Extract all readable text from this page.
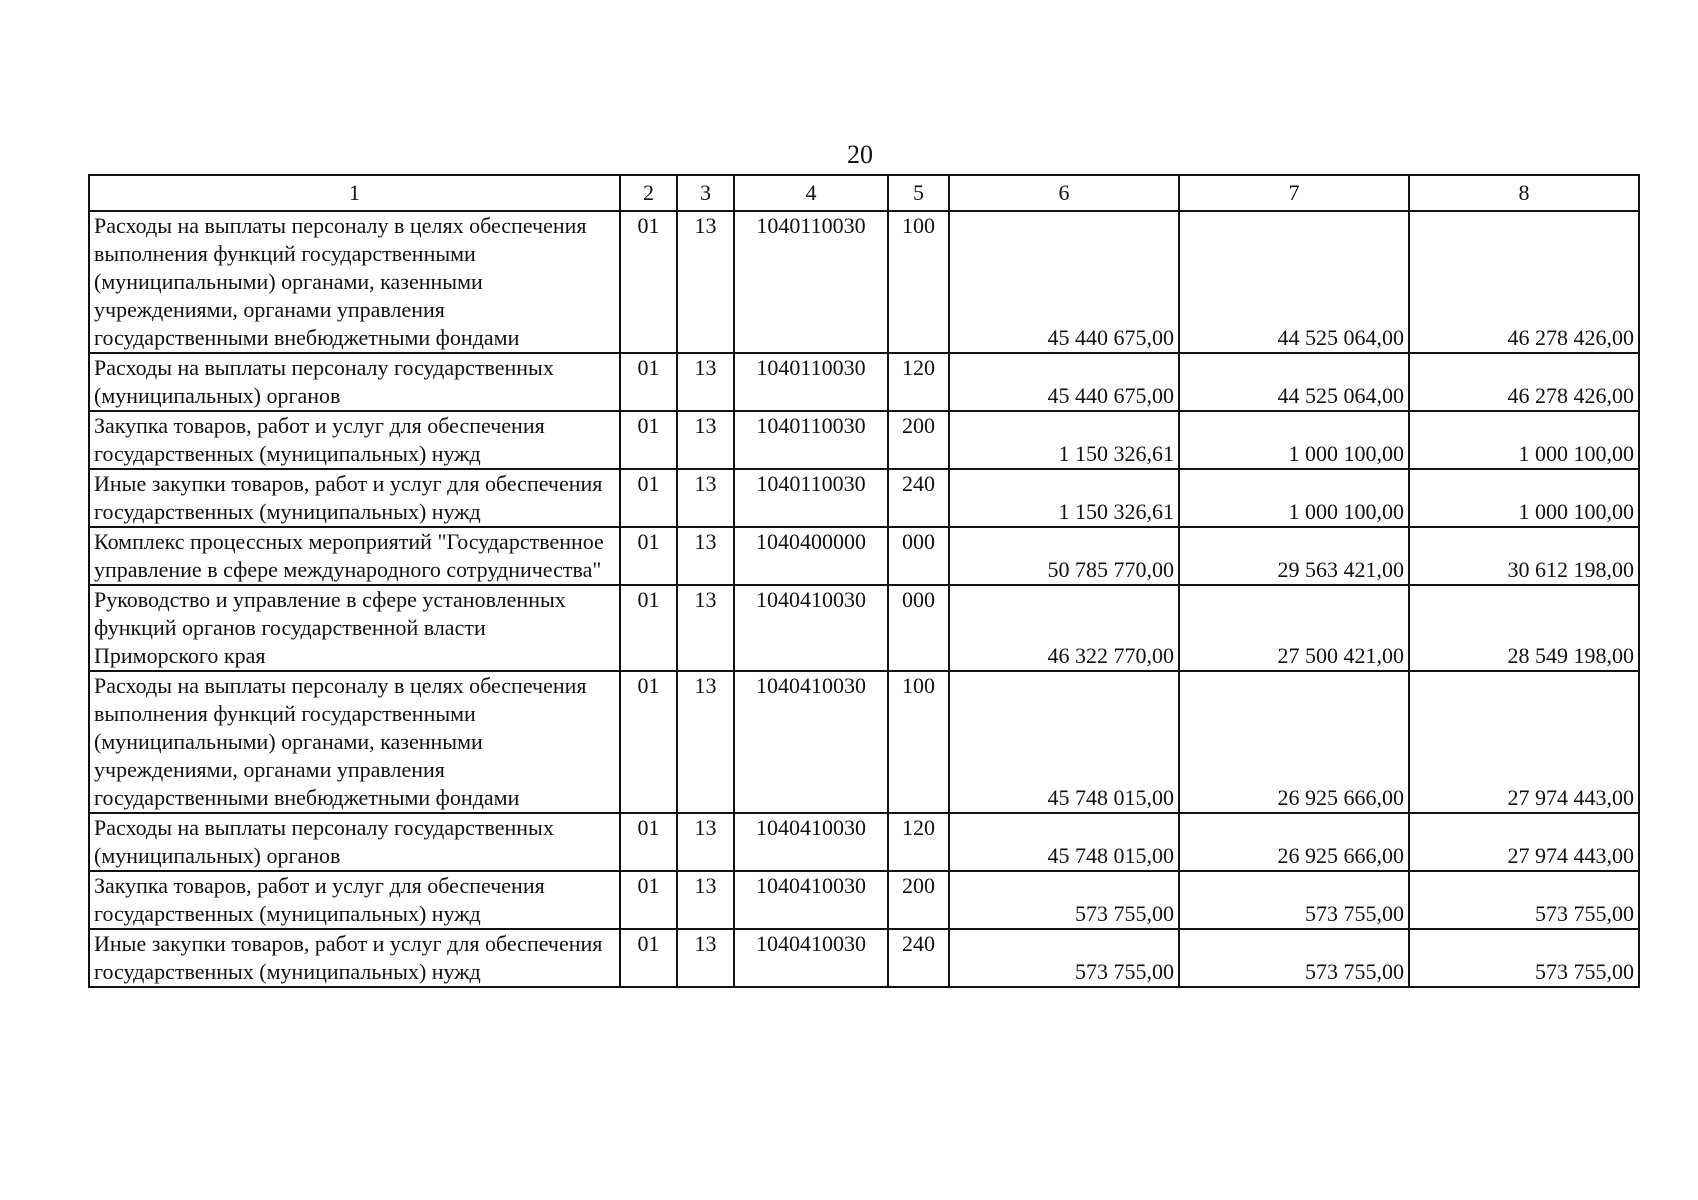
20
1	2	3	4	5	6	7	8
Расходы на выплаты персоналу в целях обеспечения выполнения функций государственными (муниципальными) органами, казенными учреждениями, органами управления государственными внебюджетными фондами	01	13	1040110030	100	45 440 675,00	44 525 064,00	46 278 426,00
Расходы на выплаты персоналу государственных (муниципальных) органов	01	13	1040110030	120	45 440 675,00	44 525 064,00	46 278 426,00
Закупка товаров, работ и услуг для обеспечения государственных (муниципальных) нужд	01	13	1040110030	200	1 150 326,61	1 000 100,00	1 000 100,00
Иные закупки товаров, работ и услуг для обеспечения государственных (муниципальных) нужд	01	13	1040110030	240	1 150 326,61	1 000 100,00	1 000 100,00
Комплекс процессных мероприятий "Государственное управление в сфере международного сотрудничества"	01	13	1040400000	000	50 785 770,00	29 563 421,00	30 612 198,00
Руководство и управление в сфере установленных функций органов государственной власти Приморского края	01	13	1040410030	000	46 322 770,00	27 500 421,00	28 549 198,00
Расходы на выплаты персоналу в целях обеспечения выполнения функций государственными (муниципальными) органами, казенными учреждениями, органами управления государственными внебюджетными фондами	01	13	1040410030	100	45 748 015,00	26 925 666,00	27 974 443,00
Расходы на выплаты персоналу государственных (муниципальных) органов	01	13	1040410030	120	45 748 015,00	26 925 666,00	27 974 443,00
Закупка товаров, работ и услуг для обеспечения государственных (муниципальных) нужд	01	13	1040410030	200	573 755,00	573 755,00	573 755,00
Иные закупки товаров, работ и услуг для обеспечения государственных (муниципальных) нужд	01	13	1040410030	240	573 755,00	573 755,00	573 755,00
